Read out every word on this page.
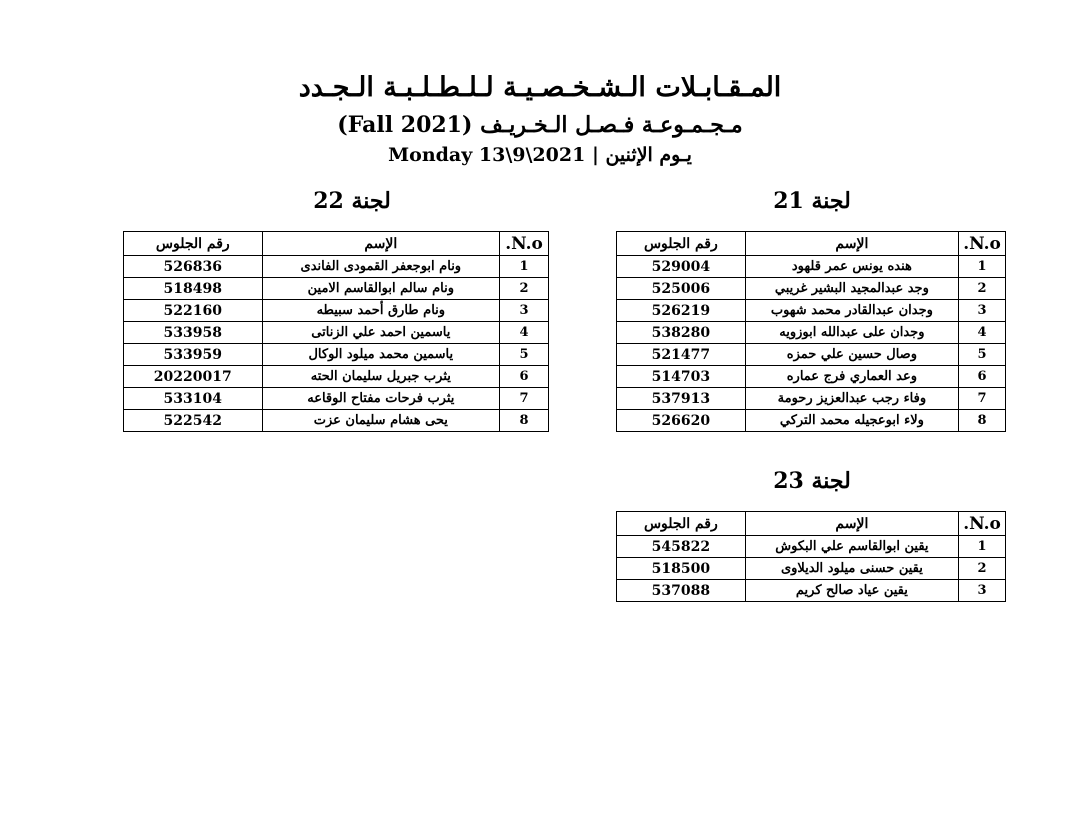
المـقـابـلات الـشـخـصـيـة لـلـطـلـبـة الـجـدد
مـجـمـوعـة فـصـل الـخـريـف (Fall 2021)
يـوم الإثنين | Monday 13\9\2021
لجنة 22	لجنة 21
لجنة 23
N.o.	الإسم	رقم الجلوس
1	ونام ابوجعفر القمودى الفاندى	526836
2	ونام سالم ابوالقاسم الامين	518498
3	ونام طارق أحمد سبيطه	522160
4	ياسمين احمد علي الزناتى	533958
5	ياسمين محمد ميلود الوكال	533959
6	يثرب جبريل سليمان الحته	20220017
7	يثرب فرحات مفتاح الوقاعه	533104
8	يحى هشام سليمان عزت	522542
N.o.	الإسم	رقم الجلوس
1	هنده يونس عمر قلهود	529004
2	وجد عبدالمجيد البشير غريبي	525006
3	وجدان عبدالقادر محمد شهوب	526219
4	وجدان على عبدالله ابوزويه	538280
5	وصال حسين علي حمزه	521477
6	وعد العماري فرج عماره	514703
7	وفاء رجب عبدالعزيز رحومة	537913
8	ولاء ابوعجيله محمد التركي	526620
N.o.	الإسم	رقم الجلوس
1	يقين ابوالقاسم علي البكوش	545822
2	يقين حسنى ميلود الديلاوى	518500
3	يقين عياد صالح كريم	537088
